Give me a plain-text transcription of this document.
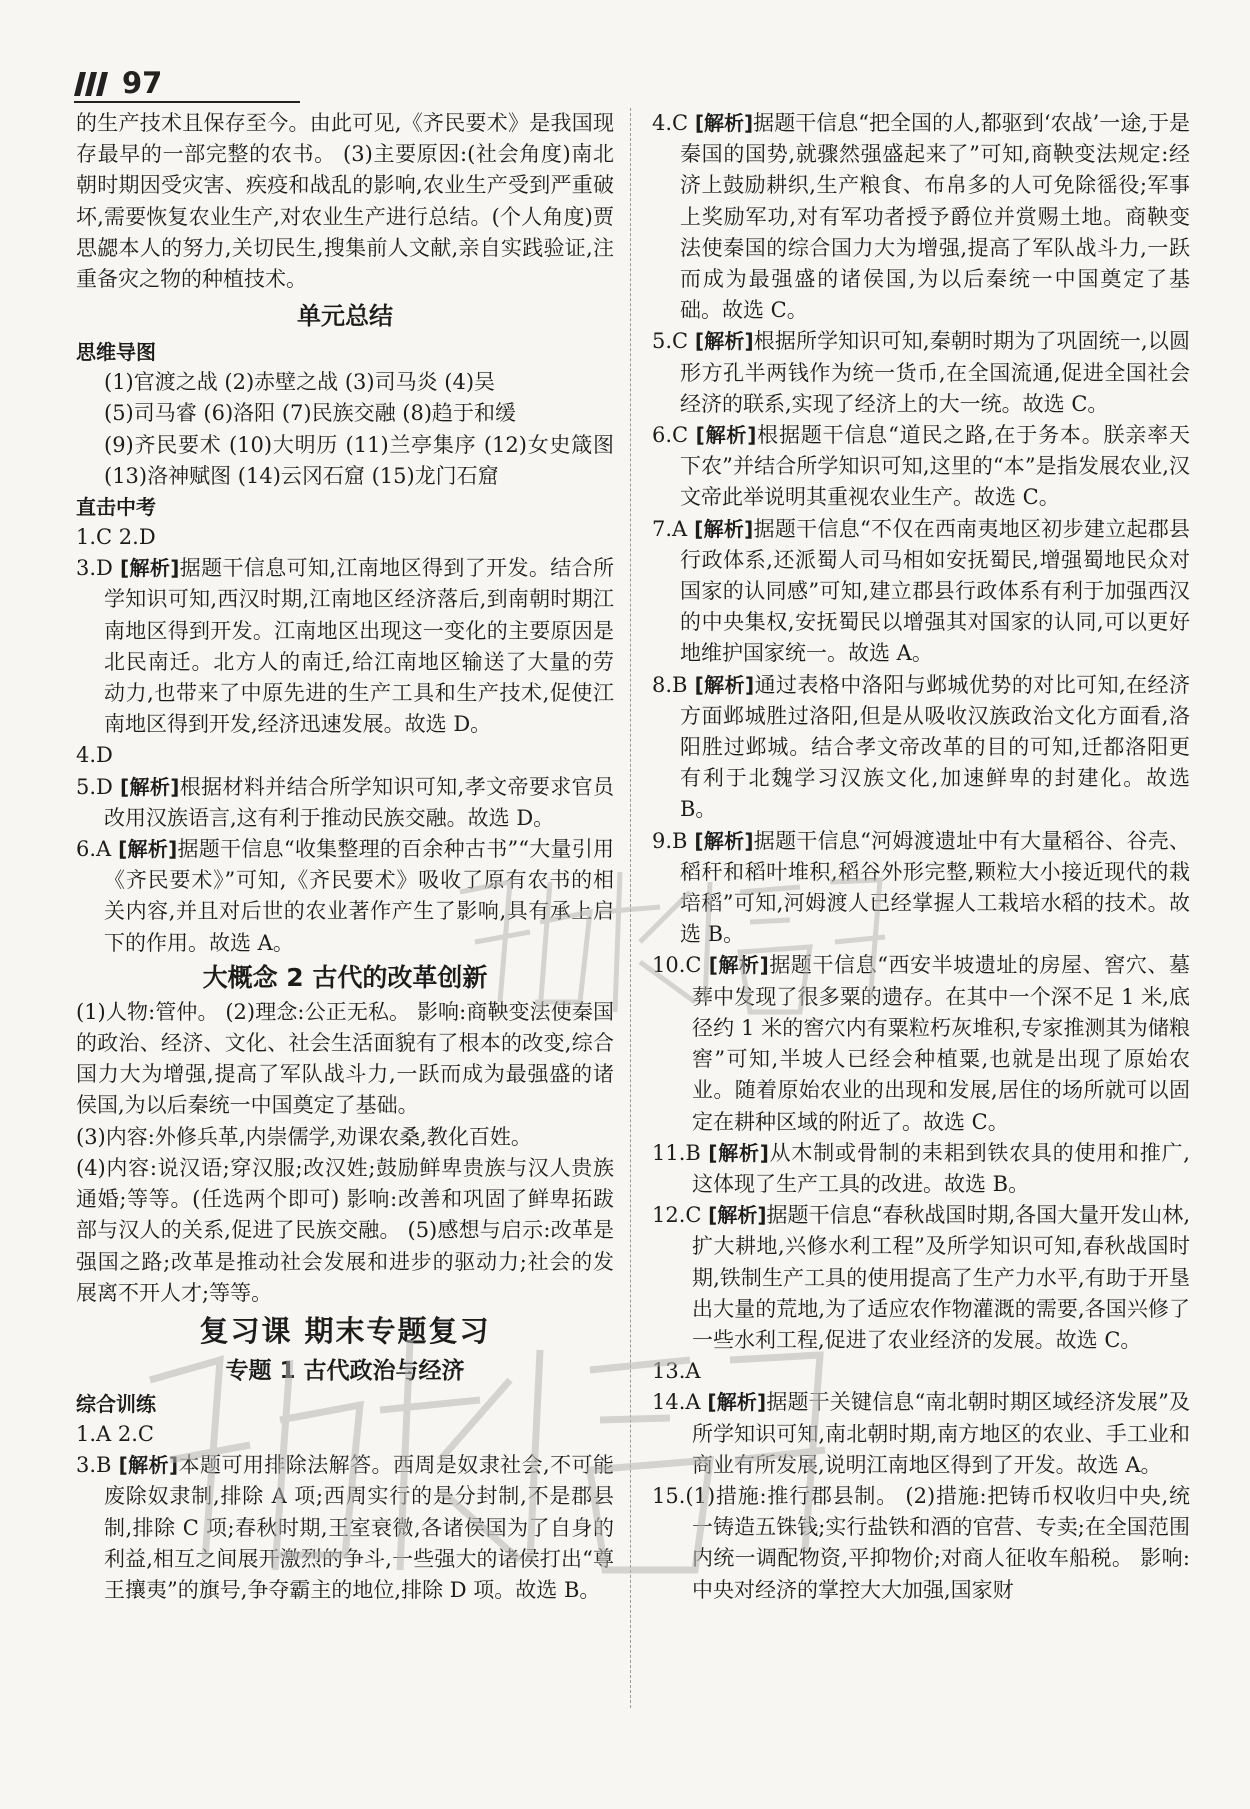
97

的生产技术且保存至今。由此可见,《齐民要术》是我国现存最早的一部完整的农书。 (3)主要原因:(社会角度)南北朝时期因受灾害、疾疫和战乱的影响,农业生产受到严重破坏,需要恢复农业生产,对农业生产进行总结。(个人角度)贾思勰本人的努力,关切民生,搜集前人文献,亲自实践验证,注重备灾之物的种植技术。

单元总结
思维导图

(1)官渡之战 (2)赤壁之战 (3)司马炎 (4)吴

(5)司马睿 (6)洛阳 (7)民族交融 (8)趋于和缓

(9)齐民要术 (10)大明历 (11)兰亭集序 (12)女史箴图 (13)洛神赋图 (14)云冈石窟 (15)龙门石窟

直击中考

1.C 2.D

3.D [解析]据题干信息可知,江南地区得到了开发。结合所学知识可知,西汉时期,江南地区经济落后,到南朝时期江南地区得到开发。江南地区出现这一变化的主要原因是北民南迁。北方人的南迁,给江南地区输送了大量的劳动力,也带来了中原先进的生产工具和生产技术,促使江南地区得到开发,经济迅速发展。故选 D。

4.D

5.D [解析]根据材料并结合所学知识可知,孝文帝要求官员改用汉族语言,这有利于推动民族交融。故选 D。

6.A [解析]据题干信息“收集整理的百余种古书”“大量引用《齐民要术》”可知,《齐民要术》吸收了原有农书的相关内容,并且对后世的农业著作产生了影响,具有承上启下的作用。故选 A。

大概念 2 古代的改革创新

(1)人物:管仲。 (2)理念:公正无私。 影响:商鞅变法使秦国的政治、经济、文化、社会生活面貌有了根本的改变,综合国力大为增强,提高了军队战斗力,一跃而成为最强盛的诸侯国,为以后秦统一中国奠定了基础。

(3)内容:外修兵革,内崇儒学,劝课农桑,教化百姓。

(4)内容:说汉语;穿汉服;改汉姓;鼓励鲜卑贵族与汉人贵族通婚;等等。(任选两个即可) 影响:改善和巩固了鲜卑拓跋部与汉人的关系,促进了民族交融。 (5)感想与启示:改革是强国之路;改革是推动社会发展和进步的驱动力;社会的发展离不开人才;等等。

复习课 期末专题复习
专题 1 古代政治与经济
综合训练

1.A 2.C

3.B [解析]本题可用排除法解答。西周是奴隶社会,不可能废除奴隶制,排除 A 项;西周实行的是分封制,不是郡县制,排除 C 项;春秋时期,王室衰微,各诸侯国为了自身的利益,相互之间展开激烈的争斗,一些强大的诸侯打出“尊王攘夷”的旗号,争夺霸主的地位,排除 D 项。故选 B。

4.C [解析]据题干信息“把全国的人,都驱到‘农战’一途,于是秦国的国势,就骤然强盛起来了”可知,商鞅变法规定:经济上鼓励耕织,生产粮食、布帛多的人可免除徭役;军事上奖励军功,对有军功者授予爵位并赏赐土地。商鞅变法使秦国的综合国力大为增强,提高了军队战斗力,一跃而成为最强盛的诸侯国,为以后秦统一中国奠定了基础。故选 C。

5.C [解析]根据所学知识可知,秦朝时期为了巩固统一,以圆形方孔半两钱作为统一货币,在全国流通,促进全国社会经济的联系,实现了经济上的大一统。故选 C。

6.C [解析]根据题干信息“道民之路,在于务本。朕亲率天下农”并结合所学知识可知,这里的“本”是指发展农业,汉文帝此举说明其重视农业生产。故选 C。

7.A [解析]据题干信息“不仅在西南夷地区初步建立起郡县行政体系,还派蜀人司马相如安抚蜀民,增强蜀地民众对国家的认同感”可知,建立郡县行政体系有利于加强西汉的中央集权,安抚蜀民以增强其对国家的认同,可以更好地维护国家统一。故选 A。

8.B [解析]通过表格中洛阳与邺城优势的对比可知,在经济方面邺城胜过洛阳,但是从吸收汉族政治文化方面看,洛阳胜过邺城。结合孝文帝改革的目的可知,迁都洛阳更有利于北魏学习汉族文化,加速鲜卑的封建化。故选 B。

9.B [解析]据题干信息“河姆渡遗址中有大量稻谷、谷壳、稻秆和稻叶堆积,稻谷外形完整,颗粒大小接近现代的栽培稻”可知,河姆渡人已经掌握人工栽培水稻的技术。故选 B。

10.C [解析]据题干信息“西安半坡遗址的房屋、窖穴、墓葬中发现了很多粟的遗存。在其中一个深不足 1 米,底径约 1 米的窖穴内有粟粒朽灰堆积,专家推测其为储粮窖”可知,半坡人已经会种植粟,也就是出现了原始农业。随着原始农业的出现和发展,居住的场所就可以固定在耕种区域的附近了。故选 C。

11.B [解析]从木制或骨制的耒耜到铁农具的使用和推广,这体现了生产工具的改进。故选 B。

12.C [解析]据题干信息“春秋战国时期,各国大量开发山林,扩大耕地,兴修水利工程”及所学知识可知,春秋战国时期,铁制生产工具的使用提高了生产力水平,有助于开垦出大量的荒地,为了适应农作物灌溉的需要,各国兴修了一些水利工程,促进了农业经济的发展。故选 C。

13.A

14.A [解析]据题干关键信息“南北朝时期区域经济发展”及所学知识可知,南北朝时期,南方地区的农业、手工业和商业有所发展,说明江南地区得到了开发。故选 A。

15.(1)措施:推行郡县制。 (2)措施:把铸币权收归中央,统一铸造五铢钱;实行盐铁和酒的官营、专卖;在全国范围内统一调配物资,平抑物价;对商人征收车船税。 影响:中央对经济的掌控大大加强,国家财
